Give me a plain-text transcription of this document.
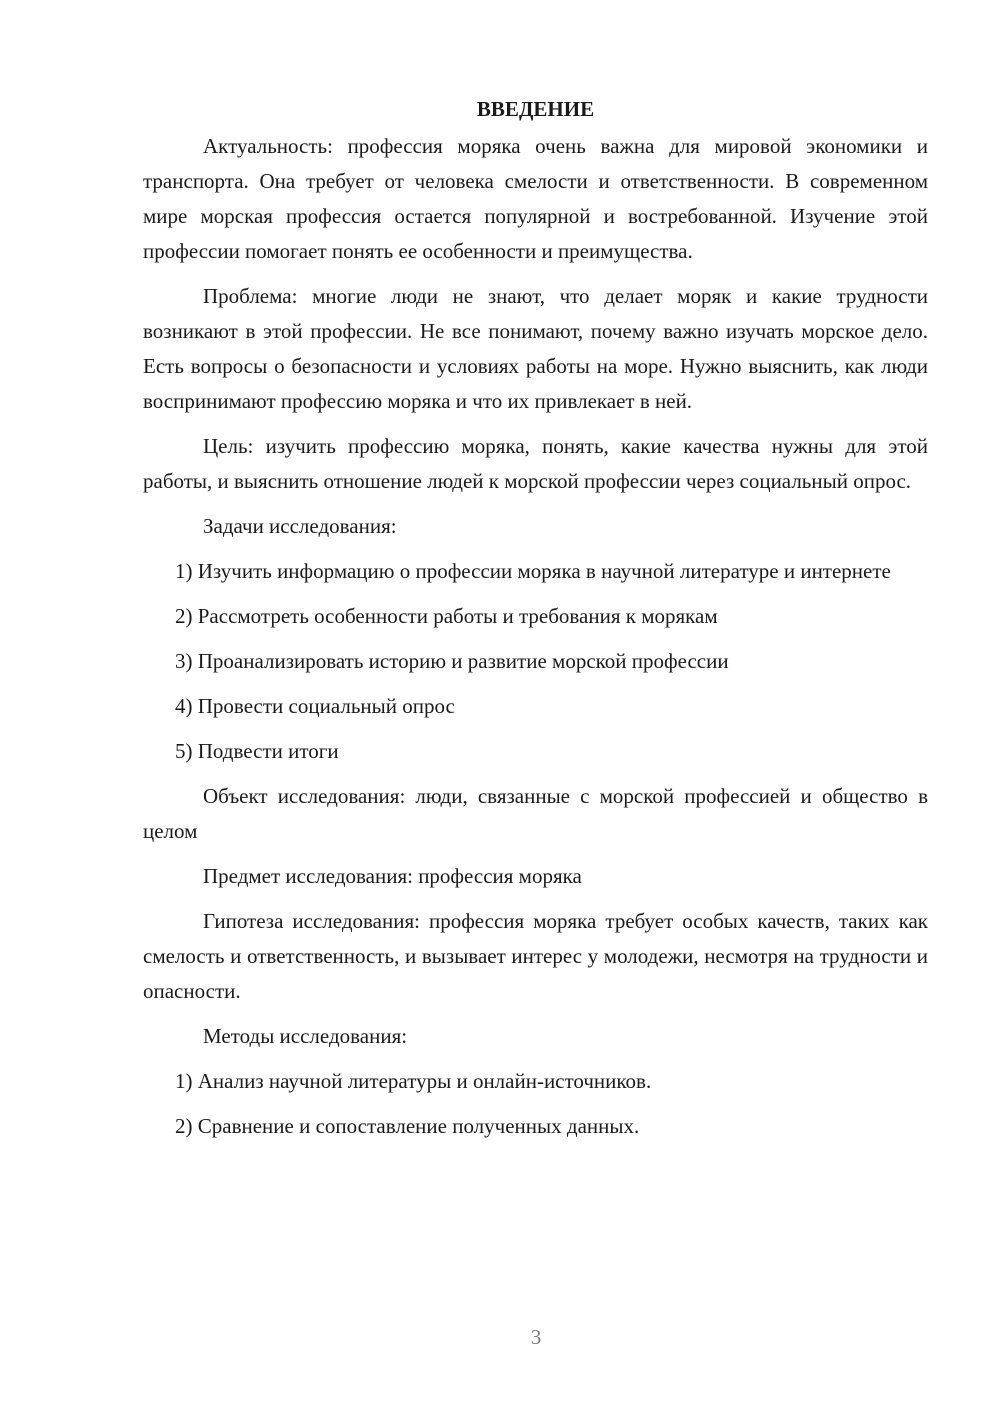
ВВЕДЕНИЕ

Актуальность: профессия моряка очень важна для мировой экономики и транспорта. Она требует от человека смелости и ответственности. В современном мире морская профессия остается популярной и востребованной. Изучение этой профессии помогает понять ее особенности и преимущества.

Проблема: многие люди не знают, что делает моряк и какие трудности возникают в этой профессии. Не все понимают, почему важно изучать морское дело. Есть вопросы о безопасности и условиях работы на море. Нужно выяснить, как люди воспринимают профессию моряка и что их привлекает в ней.

Цель: изучить профессию моряка, понять, какие качества нужны для этой работы, и выяснить отношение людей к морской профессии через социальный опрос.

Задачи исследования:

1) Изучить информацию о профессии моряка в научной литературе и интернете

2) Рассмотреть особенности работы и требования к морякам

3) Проанализировать историю и развитие морской профессии

4) Провести социальный опрос

5) Подвести итоги

Объект исследования: люди, связанные с морской профессией и общество в целом

Предмет исследования: профессия моряка

Гипотеза исследования: профессия моряка требует особых качеств, таких как смелость и ответственность, и вызывает интерес у молодежи, несмотря на трудности и опасности.

Методы исследования:

1) Анализ научной литературы и онлайн-источников.

2) Сравнение и сопоставление полученных данных.

3
